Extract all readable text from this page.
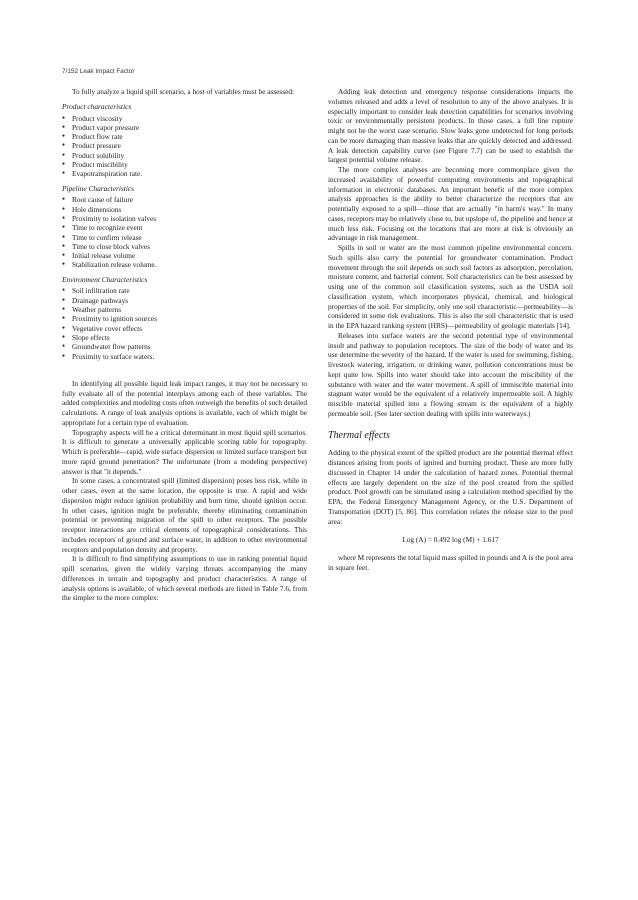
7/152 Leak Impact Factor

To fully analyze a liquid spill scenario, a host of variables must be assessed:

Product characteristics
● Product viscosity
● Product vapor pressure
● Product flow rate
● Product pressure
● Product solubility
● Product miscibility
● Evapotranspiration rate.
Pipeline Characteristics
● Root cause of failure
● Hole dimensions
● Proximity to isolation valves
● Time to recognize event
● Time to confirm release
● Time to close block valves
● Initial release volume
● Stabilization release volume.
Environment Characteristics
● Soil infiltration rate
● Drainage pathways
● Weather patterns
● Proximity to ignition sources
● Vegetative cover effects
● Slope effects
● Groundwater flow patterns
● Proximity to surface waters.

In identifying all possible liquid leak impact ranges, it may not be necessary to fully evaluate all of the potential interplays among each of these variables. The added complexities and modeling costs often outweigh the benefits of such detailed calculations. A range of leak analysis options is available, each of which might be appropriate for a certain type of evaluation.

Topography aspects will be a critical determinant in most liquid spill scenarios. It is difficult to generate a universally applicable scoring table for topography. Which is preferable—rapid, wide surface dispersion or limited surface transport but more rapid ground penetration? The unfortunate (from a modeling perspective) answer is that "it depends."

In some cases, a concentrated spill (limited dispersion) poses less risk, while in other cases, even at the same location, the opposite is true. A rapid and wide dispersion might reduce ignition probability and burn time, should ignition occur. In other cases, ignition might be preferable, thereby eliminating contamination potential or preventing migration of the spill to other receptors. The possible receptor interactions are critical elements of topographical considerations. This includes receptors of ground and surface water, in addition to other environmental receptors and population density and property.

It is difficult to find simplifying assumptions to use in ranking potential liquid spill scenarios, given the widely varying threats accompanying the many differences in terrain and topography and product characteristics. A range of analysis options is available, of which several methods are listed in Table 7.6, from the simpler to the more complex:

Adding leak detection and emergency response considerations impacts the volumes released and adds a level of resolution to any of the above analyses. It is especially important to consider leak detection capabilities for scenarios involving toxic or environmentally persistent products. In those cases, a full line rupture might not be the worst case scenario. Slow leaks gone undetected for long periods can be more damaging than massive leaks that are quickly detected and addressed. A leak detection capability curve (see Figure 7.7) can be used to establish the largest potential volume release.

The more complex analyses are becoming more commonplace given the increased availability of powerful computing environments and topographical information in electronic databases. An important benefit of the more complex analysis approaches is the ability to better characterize the receptors that are potentially exposed to a spill—those that are actually "in harm's way." In many cases, receptors may be relatively close to, but upslope of, the pipeline and hence at much less risk. Focusing on the locations that are more at risk is obviously an advantage in risk management.

Spills in soil or water are the most common pipeline environmental concern. Such spills also carry the potential for groundwater contamination. Product movement through the soil depends on such soil factors as adsorption, percolation, moisture content, and bacterial content. Soil characteristics can be best assessed by using one of the common soil classification systems, such as the USDA soil classification system, which incorporates physical, chemical, and biological properties of the soil. For simplicity, only one soil characteristic—permeability—is considered in some risk evaluations. This is also the soil characteristic that is used in the EPA hazard ranking system (HRS)—permeability of geologic materials [14].

Releases into surface waters are the second potential type of environmental insult and pathway to population receptors. The size of the body of water and its use determine the severity of the hazard. If the water is used for swimming, fishing, livestock watering, irrigation, or drinking water, pollution concentrations must be kept quite low. Spills into water should take into account the miscibility of the substance with water and the water movement. A spill of immiscible material into stagnant water would be the equivalent of a relatively impermeable soil. A highly miscible material spilled into a flowing stream is the equivalent of a highly permeable soil. (See later section dealing with spills into waterways.)

Thermal effects

Adding to the physical extent of the spilled product are the potential thermal effect distances arising from pools of ignited and burning product. These are more fully discussed in Chapter 14 under the calculation of hazard zones. Potential thermal effects are largely dependent on the size of the pool created from the spilled product. Pool growth can be simulated using a calculation method specified by the EPA, the Federal Emergency Management Agency, or the U.S. Department of Transportation (DOT) [5, 86]. This correlation relates the release size to the pool area:

Log (A) = 0.492 log (M) + 1.617

where M represents the total liquid mass spilled in pounds and A is the pool area in square feet.
